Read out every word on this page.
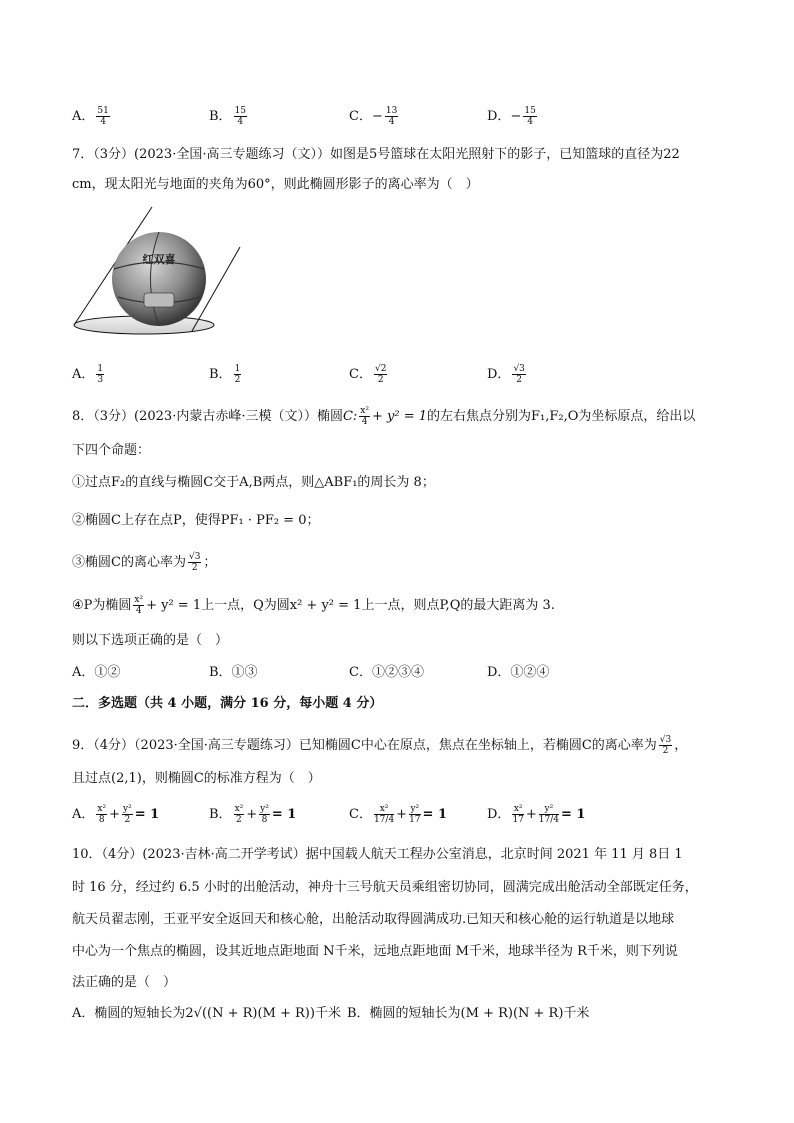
A． $\frac{51}{4}$	B． $\frac{15}{4}$	C．− $\frac{13}{4}$	D．− $\frac{15}{4}$
7．（3分）(2023·全国·高三专题练习（文））如图是5号篮球在太阳光照射下的影子，已知篮球的直径为22
cm，现太阳光与地面的夹角为60°，则此椭圆形影子的离心率为（　）
红双喜
A． $\frac{1}{3}$	B． $\frac{1}{2}$	C． $\frac{√2}{2}$	D． $\frac{√3}{2}$
8．（3分）(2023·内蒙古赤峰·三模（文））椭圆C: $\frac{\text{x²}}{4} + y^2 = 1$的左右焦点分别为F₁,F₂,O为坐标原点，给出以
下四个命题：
①过点F₂的直线与椭圆C交于A,B两点，则△ABF₁的周长为 8；
②椭圆C上存在点P，使得PF₁ · PF₂ = 0；
③椭圆C的离心率为 $\frac{√3}{2}$ ；
④P为椭圆 $\frac{\text{x²}}{4} + y^2 = 1$上一点，Q为圆x² + y² = 1上一点，则点P,Q的最大距离为 3.
则以下选项正确的是（　）
A．①②	B．①③	C．①②③④	D．①②④
二．多选题（共 4 小题，满分 16 分，每小题 4 分）
9．（4分）（2023·全国·高三专题练习）已知椭圆C中心在原点，焦点在坐标轴上，若椭圆C的离心率为 $\frac{√3}{2}$ ，
且过点(2,1)，则椭圆C的标准方程为（　）
A． $\frac{\text{x²}}{8} + \frac{\text{y²}}{2} = 1$	B． $\frac{\text{x²}}{2} + \frac{\text{y²}}{8} = 1$	C． $\frac{\text{x²}}{17/4} + \frac{\text{y²}}{17} = 1$	D． $\frac{\text{x²}}{17} + \frac{\text{y²}}{17/4} = 1$
10．（4分）(2023·吉林·高二开学考试）据中国载人航天工程办公室消息，北京时间 2021 年 11 月 8日 1
时 16 分，经过约 6.5 小时的出舱活动，神舟十三号航天员乘组密切协同，圆满完成出舱活动全部既定任务，
航天员翟志刚，王亚平安全返回天和核心舱，出舱活动取得圆满成功.已知天和核心舱的运行轨道是以地球
中心为一个焦点的椭圆，设其近地点距地面 N千米，远地点距地面 M千米，地球半径为 R千米，则下列说
法正确的是（　）
A．椭圆的短轴长为2√((N + R)(M + R))千米 B．椭圆的短轴长为(M + R)(N + R)千米
